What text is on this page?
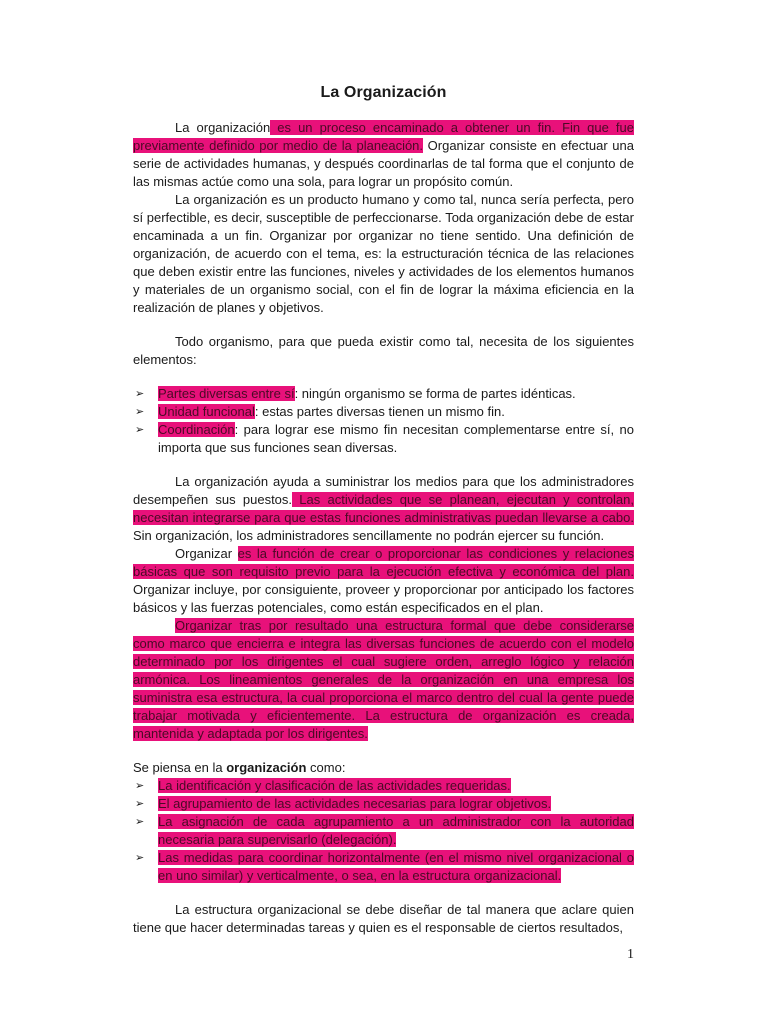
La Organización

La organización es un proceso encaminado a obtener un fin. Fin que fue previamente definido por medio de la planeación. Organizar consiste en efectuar una serie de actividades humanas, y después coordinarlas de tal forma que el conjunto de las mismas actúe como una sola, para lograr un propósito común.

La organización es un producto humano y como tal, nunca sería perfecta, pero sí perfectible, es decir, susceptible de perfeccionarse. Toda organización debe de estar encaminada a un fin. Organizar por organizar no tiene sentido. Una definición de organización, de acuerdo con el tema, es: la estructuración técnica de las relaciones que deben existir entre las funciones, niveles y actividades de los elementos humanos y materiales de un organismo social, con el fin de lograr la máxima eficiencia en la realización de planes y objetivos.

Todo organismo, para que pueda existir como tal, necesita de los siguientes elementos:

➢ Partes diversas entre sí: ningún organismo se forma de partes idénticas.
➢ Unidad funcional: estas partes diversas tienen un mismo fin.
➢ Coordinación: para lograr ese mismo fin necesitan complementarse entre sí, no importa que sus funciones sean diversas.

La organización ayuda a suministrar los medios para que los administradores desempeñen sus puestos. Las actividades que se planean, ejecutan y controlan, necesitan integrarse para que estas funciones administrativas puedan llevarse a cabo. Sin organización, los administradores sencillamente no podrán ejercer su función.

Organizar es la función de crear o proporcionar las condiciones y relaciones básicas que son requisito previo para la ejecución efectiva y económica del plan. Organizar incluye, por consiguiente, proveer y proporcionar por anticipado los factores básicos y las fuerzas potenciales, como están especificados en el plan.

Organizar tras por resultado una estructura formal que debe considerarse como marco que encierra e integra las diversas funciones de acuerdo con el modelo determinado por los dirigentes el cual sugiere orden, arreglo lógico y relación armónica. Los lineamientos generales de la organización en una empresa los suministra esa estructura, la cual proporciona el marco dentro del cual la gente puede trabajar motivada y eficientemente. La estructura de organización es creada, mantenida y adaptada por los dirigentes.

Se piensa en la organización como:

➢ La identificación y clasificación de las actividades requeridas.
➢ El agrupamiento de las actividades necesarias para lograr objetivos.
➢ La asignación de cada agrupamiento a un administrador con la autoridad necesaria para supervisarlo (delegación).
➢ Las medidas para coordinar horizontalmente (en el mismo nivel organizacional o en uno similar) y verticalmente, o sea, en la estructura organizacional.

La estructura organizacional se debe diseñar de tal manera que aclare quien tiene que hacer determinadas tareas y quien es el responsable de ciertos resultados,

1
